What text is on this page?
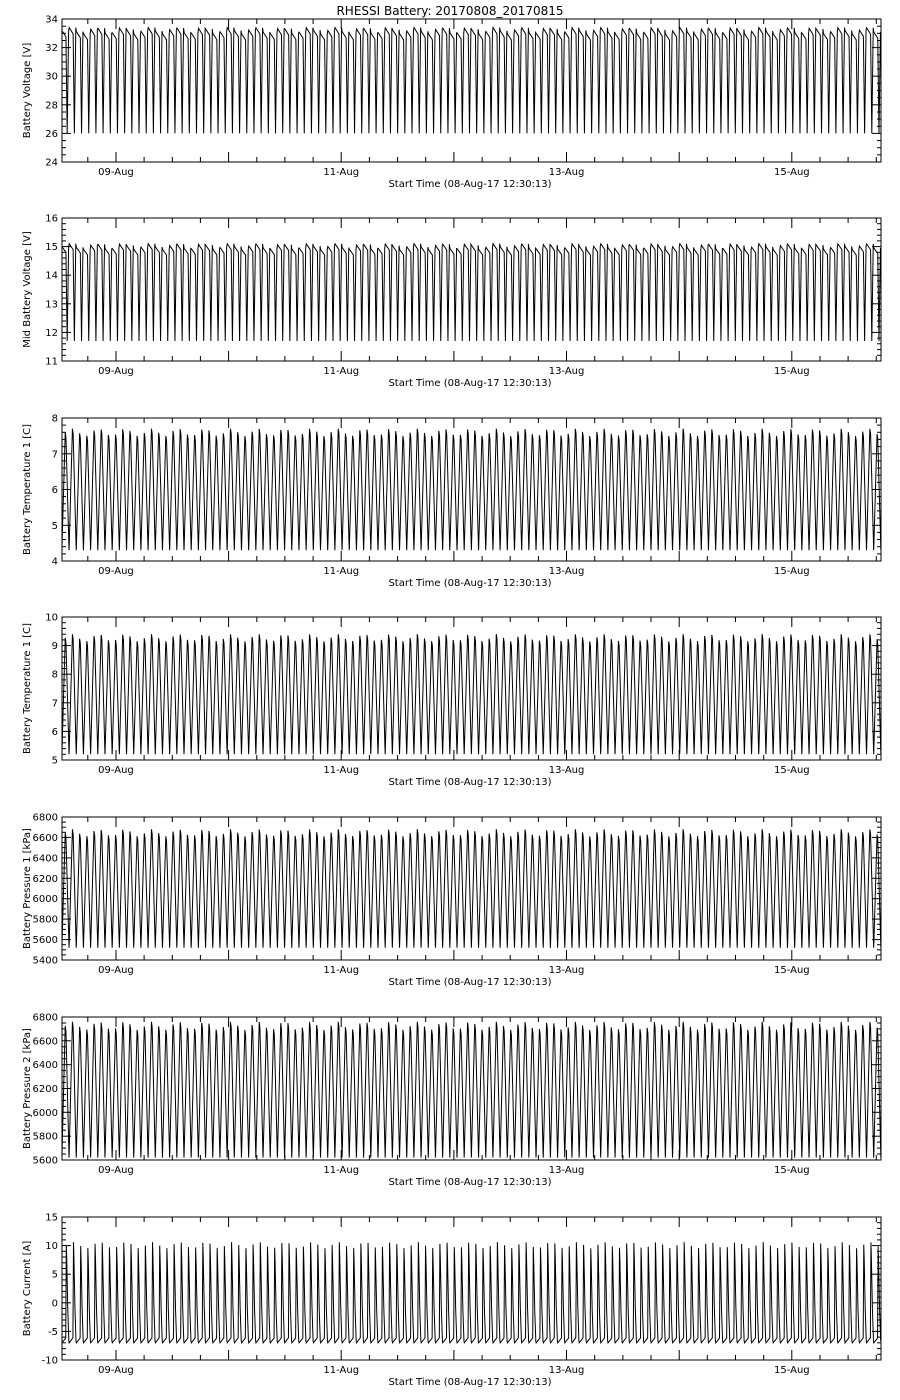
RHESSI Battery: 20170808_20170815
24
26
28
30
32
34
09-Aug	11-Aug	13-Aug	15-Aug
Start Time (08-Aug-17 12:30:13)
Battery Voltage [V]
11
12
13
14
15
16
09-Aug	11-Aug	13-Aug	15-Aug
Start Time (08-Aug-17 12:30:13)
Mid Battery Voltage [V]
4
5
6
7
8
09-Aug	11-Aug	13-Aug	15-Aug
Start Time (08-Aug-17 12:30:13)
Battery Temperature 1 [C]
5
6
7
8
9
10
09-Aug	11-Aug	13-Aug	15-Aug
Start Time (08-Aug-17 12:30:13)
Battery Temperature 1 [C]
5400
5600
5800
6000
6200
6400
6600
6800
09-Aug	11-Aug	13-Aug	15-Aug
Start Time (08-Aug-17 12:30:13)
Battery Pressure 1 [kPa]
5600
5800
6000
6200
6400
6600
6800
09-Aug	11-Aug	13-Aug	15-Aug
Start Time (08-Aug-17 12:30:13)
Battery Pressure 2 [kPa]
-10
-5
0
5
10
15
09-Aug	11-Aug	13-Aug	15-Aug
Start Time (08-Aug-17 12:30:13)
Battery Current [A]
